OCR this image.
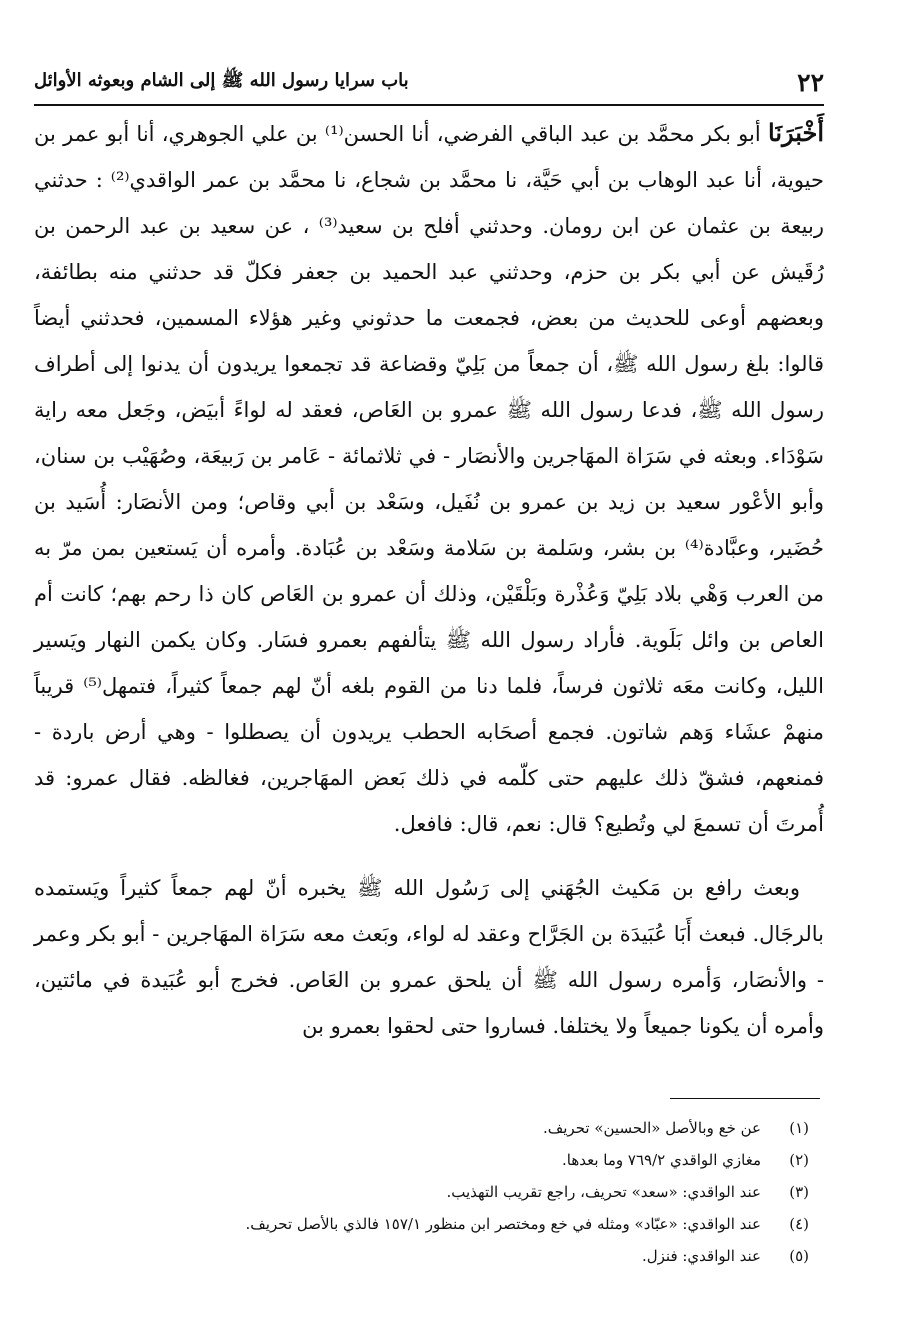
٢٢
باب سرايا رسول الله ﷺ إلى الشام وبعوثه الأوائل

أَخْبَرَنَا أبو بكر محمَّد بن عبد الباقي الفرضي، أنا الحسن⁽¹⁾ بن علي الجوهري، أنا أبو عمر بن حيوية، أنا عبد الوهاب بن أبي حَيَّة، نا محمَّد بن شجاع، نا محمَّد بن عمر الواقدي⁽²⁾ : حدثني ربيعة بن عثمان عن ابن رومان. وحدثني أفلح بن سعيد⁽³⁾ ، عن سعيد بن عبد الرحمن بن رُقَيش عن أبي بكر بن حزم، وحدثني عبد الحميد بن جعفر فكلّ قد حدثني منه بطائفة، وبعضهم أوعى للحديث من بعض، فجمعت ما حدثوني وغير هؤلاء المسمين، فحدثني أيضاً قالوا: بلغ رسول الله ﷺ، أن جمعاً من بَلِيّ وقضاعة قد تجمعوا يريدون أن يدنوا إلى أطراف رسول الله ﷺ، فدعا رسول الله ﷺ عمرو بن العَاص، فعقد له لواءً أبيَض، وجَعل معه راية سَوْدَاء. وبعثه في سَرَاة المهَاجرين والأنصَار - في ثلاثمائة - عَامر بن رَبيعَة، وصُهَيْب بن سنان، وأبو الأعْور سعيد بن زيد بن عمرو بن نُفَيل، وسَعْد بن أبي وقاص؛ ومن الأنصَار: أُسَيد بن حُضَير، وعبَّادة⁽⁴⁾ بن بشر، وسَلمة بن سَلامة وسَعْد بن عُبَادة. وأمره أن يَستعين بمن مرّ به من العرب وَهْي بلاد بَلِيّ وَعُذْرة وبَلْقَيْن، وذلك أن عمرو بن العَاص كان ذا رحم بهم؛ كانت أم العاص بن وائل بَلَوية. فأراد رسول الله ﷺ يتألفهم بعمرو فسَار. وكان يكمن النهار ويَسير الليل، وكانت معَه ثلاثون فرساً، فلما دنا من القوم بلغه أنّ لهم جمعاً كثيراً، فتمهل⁽⁵⁾ قريباً منهمْ عشَاء وَهم شاتون. فجمع أصحَابه الحطب يريدون أن يصطلوا - وهي أرض باردة - فمنعهم، فشقّ ذلك عليهم حتى كلّمه في ذلك بَعض المهَاجرين، فغالظه. فقال عمرو: قد أُمرتَ أن تسمعَ لي وتُطيع؟ قال: نعم، قال: فافعل.

وبعث رافع بن مَكيث الجُهَني إلى رَسُول الله ﷺ يخبره أنّ لهم جمعاً كثيراً ويَستمده بالرجَال. فبعث أَبَا عُبَيدَة بن الجَرَّاح وعقد له لواء، وبَعث معه سَرَاة المهَاجرين - أبو بكر وعمر - والأنصَار، وَأمره رسول الله ﷺ أن يلحق عمرو بن العَاص. فخرج أبو عُبَيدة في مائتين، وأمره أن يكونا جميعاً ولا يختلفا. فساروا حتى لحقوا بعمرو بن

(١)
عن خع وبالأصل «الحسين» تحريف.
(٢)
مغازي الواقدي ٧٦٩/٢ وما بعدها.
(٣)
عند الواقدي: «سعد» تحريف، راجع تقريب التهذيب.
(٤)
عند الواقدي: «عبّاد» ومثله في خع ومختصر ابن منظور ١٥٧/١ فالذي بالأصل تحريف.
(٥)
عند الواقدي: فنزل.
